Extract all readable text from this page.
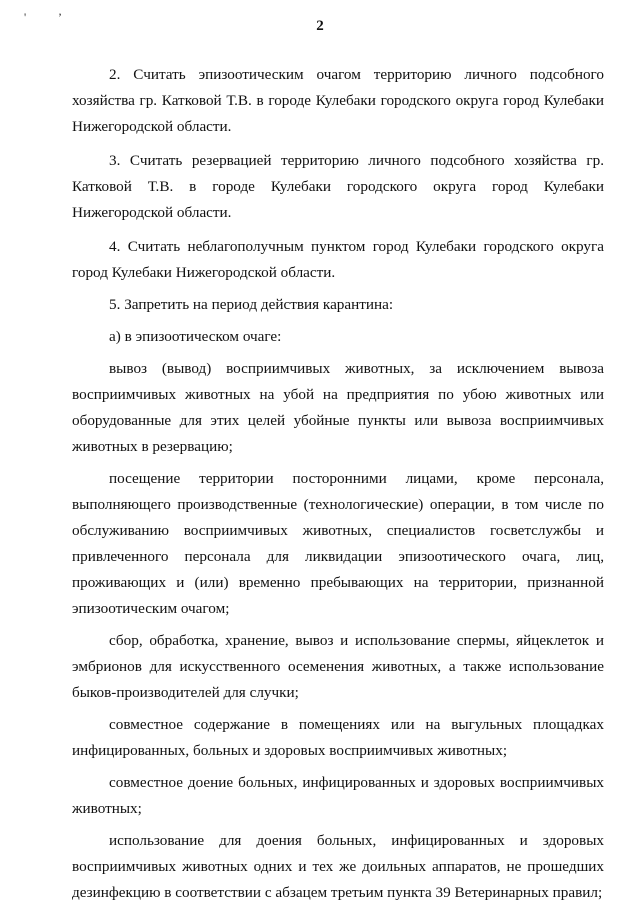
'	’
2

2. Считать эпизоотическим очагом территорию личного подсобного хозяйства гр. Катковой Т.В. в городе Кулебаки городского округа город Кулебаки Нижегородской области.

3. Считать резервацией территорию личного подсобного хозяйства гр. Катковой Т.В. в городе Кулебаки городского округа город Кулебаки Нижегородской области.

4. Считать неблагополучным пунктом город Кулебаки городского округа город Кулебаки Нижегородской области.

5. Запретить на период действия карантина:

а) в эпизоотическом очаге:

вывоз (вывод) восприимчивых животных, за исключением вывоза восприимчивых животных на убой на предприятия по убою животных или оборудованные для этих целей убойные пункты или вывоза восприимчивых животных в резервацию;

посещение территории посторонними лицами, кроме персонала, выполняющего производственные (технологические) операции, в том числе по обслуживанию восприимчивых животных, специалистов госветслужбы и привлеченного персонала для ликвидации эпизоотического очага, лиц, проживающих и (или) временно пребывающих на территории, признанной эпизоотическим очагом;

сбор, обработка, хранение, вывоз и использование спермы, яйцеклеток и эмбрионов для искусственного осеменения животных, а также использование быков-производителей для случки;

совместное содержание в помещениях или на выгульных площадках инфицированных, больных и здоровых восприимчивых животных;

совместное доение больных, инфицированных и здоровых восприимчивых животных;

использование для доения больных, инфицированных и здоровых восприимчивых животных одних и тех же доильных аппаратов, не прошедших дезинфекцию в соответствии с абзацем третьим пункта 39 Ветеринарных правил;
